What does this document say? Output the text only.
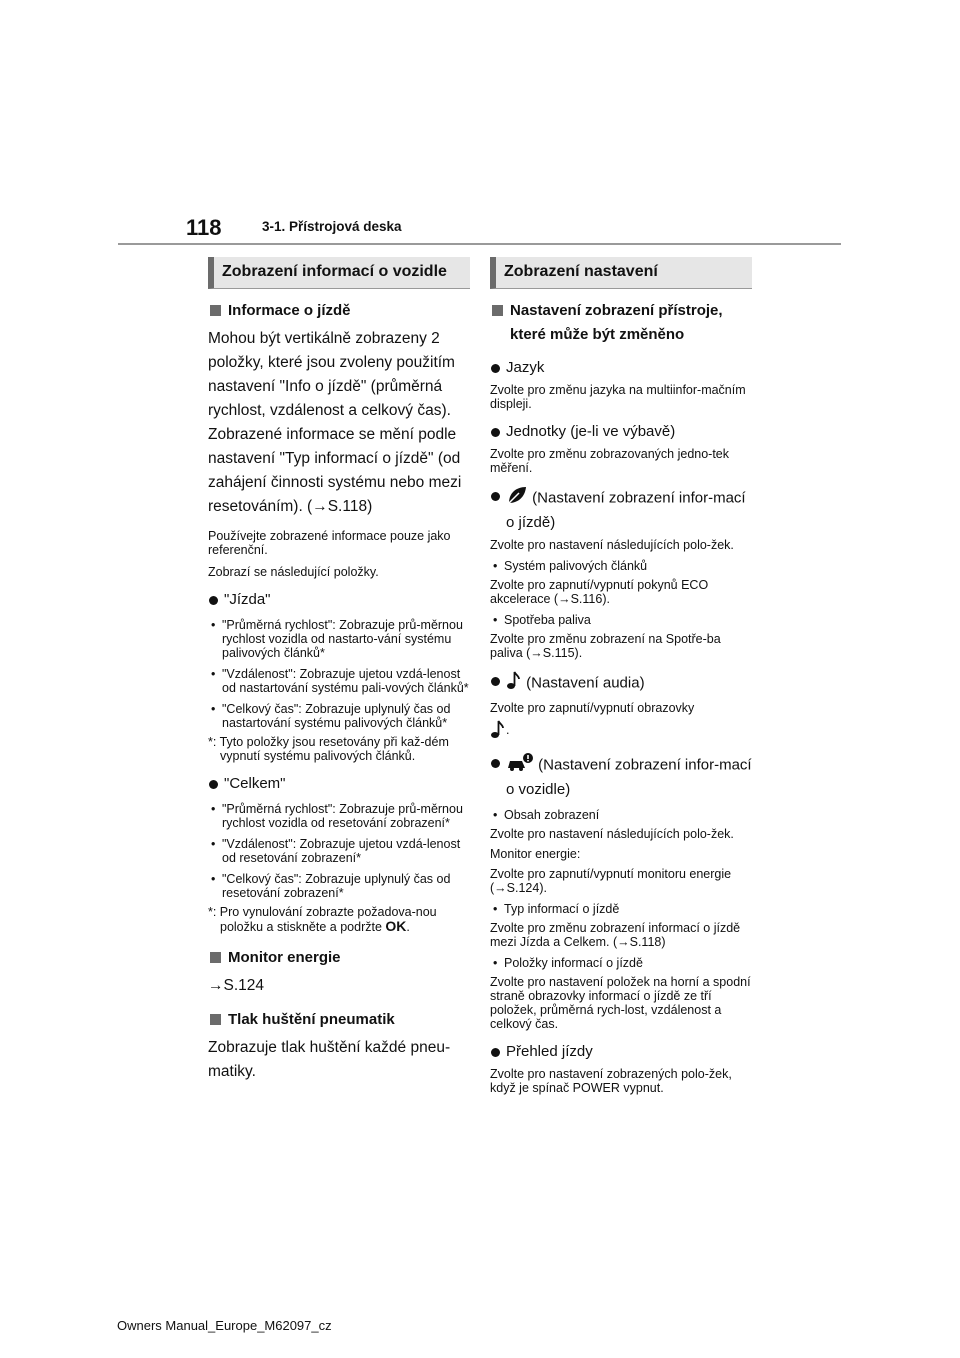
118	3-1. Přístrojová deska
Zobrazení informací o vozidle
Informace o jízdě
Mohou být vertikálně zobrazeny 2 položky, které jsou zvoleny použitím nastavení "Info o jízdě" (průměrná rychlost, vzdálenost a celkový čas). Zobrazené informace se mění podle nastavení "Typ informací o jízdě" (od zahájení činnosti systému nebo mezi resetováním). (→S.118)
Používejte zobrazené informace pouze jako referenční.
Zobrazí se následující položky.
"Jízda"
• "Průměrná rychlost": Zobrazuje prů-měrnou rychlost vozidla od nastarto-vání systému palivových článků*
• "Vzdálenost": Zobrazuje ujetou vzdá-lenost od nastartování systému pali-vových článků*
• "Celkový čas": Zobrazuje uplynulý čas od nastartování systému palivových článků*
*: Tyto položky jsou resetovány při kaž-dém vypnutí systému palivových článků.
"Celkem"
• "Průměrná rychlost": Zobrazuje prů-měrnou rychlost vozidla od resetování zobrazení*
• "Vzdálenost": Zobrazuje ujetou vzdá-lenost od resetování zobrazení*
• "Celkový čas": Zobrazuje uplynulý čas od resetování zobrazení*
*: Pro vynulování zobrazte požadova-nou položku a stiskněte a podržte OK.
Monitor energie
→S.124
Tlak huštění pneumatik
Zobrazuje tlak huštění každé pneu-matiky.
Zobrazení nastavení
Nastavení zobrazení přístroje, které může být změněno
Jazyk
Zvolte pro změnu jazyka na multiinfor-mačním displeji.
Jednotky (je-li ve výbavě)
Zvolte pro změnu zobrazovaných jedno-tek měření.
(Nastavení zobrazení infor-mací o jízdě)
Zvolte pro nastavení následujících polo-žek.
• Systém palivových článků
Zvolte pro zapnutí/vypnutí pokynů ECO akcelerace (→S.116).
• Spotřeba paliva
Zvolte pro změnu zobrazení na Spotře-ba paliva (→S.115).
(Nastavení audia)
Zvolte pro zapnutí/vypnutí obrazovky
.
(Nastavení zobrazení infor-mací o vozidle)
• Obsah zobrazení
Zvolte pro nastavení následujících polo-žek.
Monitor energie:
Zvolte pro zapnutí/vypnutí monitoru energie (→S.124).
• Typ informací o jízdě
Zvolte pro změnu zobrazení informací o jízdě mezi Jízda a Celkem. (→S.118)
• Položky informací o jízdě
Zvolte pro nastavení položek na horní a spodní straně obrazovky informací o jízdě ze tří položek, průměrná rych-lost, vzdálenost a celkový čas.
Přehled jízdy
Zvolte pro nastavení zobrazených polo-žek, když je spínač POWER vypnut.
Owners Manual_Europe_M62097_cz
